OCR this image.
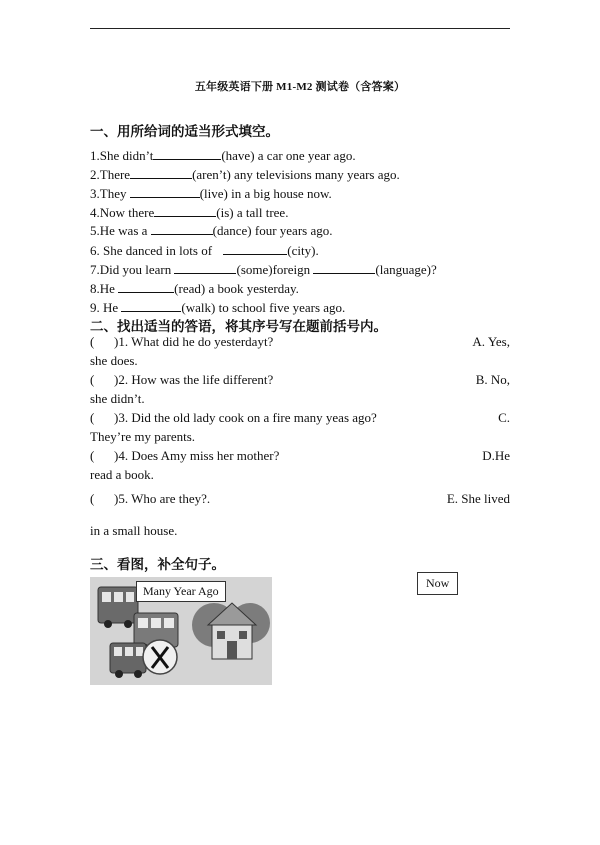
五年级英语下册 M1-M2 测试卷（含答案）
一、用所给词的适当形式填空。
1.She didn’t	(have) a car one year ago.
2.There	(aren’t) any televisions many years ago.
3.They	(live) in a big house now.
4.Now there	(is) a tall tree.
5.He was a	(dance) four years ago.
6. She danced in lots of	(city).
7.Did you learn	(some)foreign	(language)?
8.He	(read) a book yesterday.
9. He	(walk) to school five years ago.
二、找出适当的答语，将其序号写在题前括号内。
( )1. What did he do yesterdayt?	A. Yes,
she does.
( )2. How was the life different?	B. No,
she didn’t.
( )3. Did the old lady cook on a fire many yeas ago?	C.
They’re my parents.
( )4. Does Amy miss her mother?	D.He
read a book.
( )5. Who are they?.	E. She lived
in a small house.
三、看图，补全句子。
Many Year Ago
Now
